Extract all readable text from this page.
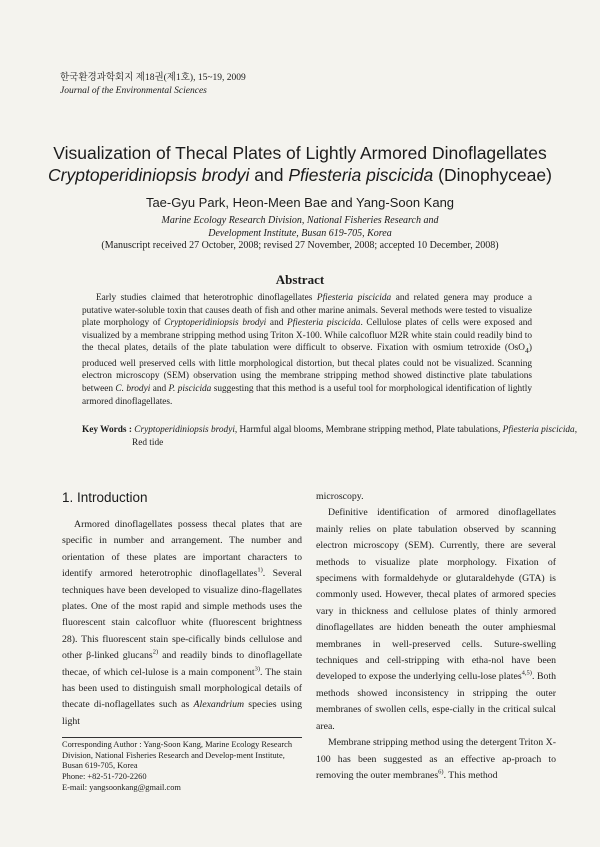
한국환경과학회지 제18권(제1호), 15~19, 2009
Journal of the Environmental Sciences
Visualization of Thecal Plates of Lightly Armored Dinoflagellates
Cryptoperidiniopsis brodyi and Pfiesteria piscicida (Dinophyceae)
Tae-Gyu Park, Heon-Meen Bae and Yang-Soon Kang
Marine Ecology Research Division, National Fisheries Research and
Development Institute, Busan 619-705, Korea
(Manuscript received 27 October, 2008; revised 27 November, 2008; accepted 10 December, 2008)
Abstract
Early studies claimed that heterotrophic dinoflagellates Pfiesteria piscicida and related genera may produce a putative water-soluble toxin that causes death of fish and other marine animals. Several methods were tested to visualize plate morphology of Cryptoperidiniopsis brodyi and Pfiesteria piscicida. Cellulose plates of cells were exposed and visualized by a membrane stripping method using Triton X-100. While calcofluor M2R white stain could readily bind to the thecal plates, details of the plate tabulation were difficult to observe. Fixation with osmium tetroxide (OsO$_4$) produced well preserved cells with little morphological distortion, but thecal plates could not be visualized. Scanning electron microscopy (SEM) observation using the membrane stripping method showed distinctive plate tabulations between C. brodyi and P. piscicida suggesting that this method is a useful tool for morphological identification of lightly armored dinoflagellates.
Key Words : Cryptoperidiniopsis brodyi, Harmful algal blooms, Membrane stripping method, Plate tabulations, Pfiesteria piscicida, Red tide
1. Introduction

Armored dinoflagellates possess thecal plates that are specific in number and arrangement. The number and orientation of these plates are important characters to identify armored heterotrophic dinoflagellates$^{1)}$. Several techniques have been developed to visualize dino-flagellates plates. One of the most rapid and simple methods uses the fluorescent stain calcofluor white (fluorescent brightness 28). This fluorescent stain spe-cifically binds cellulose and other β-linked glucans$^{2)}$ and readily binds to dinoflagellate thecae, of which cel-lulose is a main component$^{3)}$. The stain has been used to distinguish small morphological details of thecate di-noflagellates such as Alexandrium species using light

microscopy.

Definitive identification of armored dinoflagellates mainly relies on plate tabulation observed by scanning electron microscopy (SEM). Currently, there are several methods to visualize plate morphology. Fixation of specimens with formaldehyde or glutaraldehyde (GTA) is commonly used. However, thecal plates of armored species vary in thickness and cellulose plates of thinly armored dinoflagellates are hidden beneath the outer amphiesmal membranes in well-preserved cells. Suture-swelling techniques and cell-stripping with etha-nol have been developed to expose the underlying cellu-lose plates$^{4,5)}$. Both methods showed inconsistency in stripping the outer membranes of swollen cells, espe-cially in the critical sulcal area.

Membrane stripping method using the detergent Triton X-100 has been suggested as an effective ap-proach to removing the outer membranes$^{6)}$. This method

Corresponding Author : Yang-Soon Kang, Marine Ecology Research Division, National Fisheries Research and Develop-ment Institute, Busan 619-705, Korea
Phone: +82-51-720-2260
E-mail: yangsoonkang@gmail.com
